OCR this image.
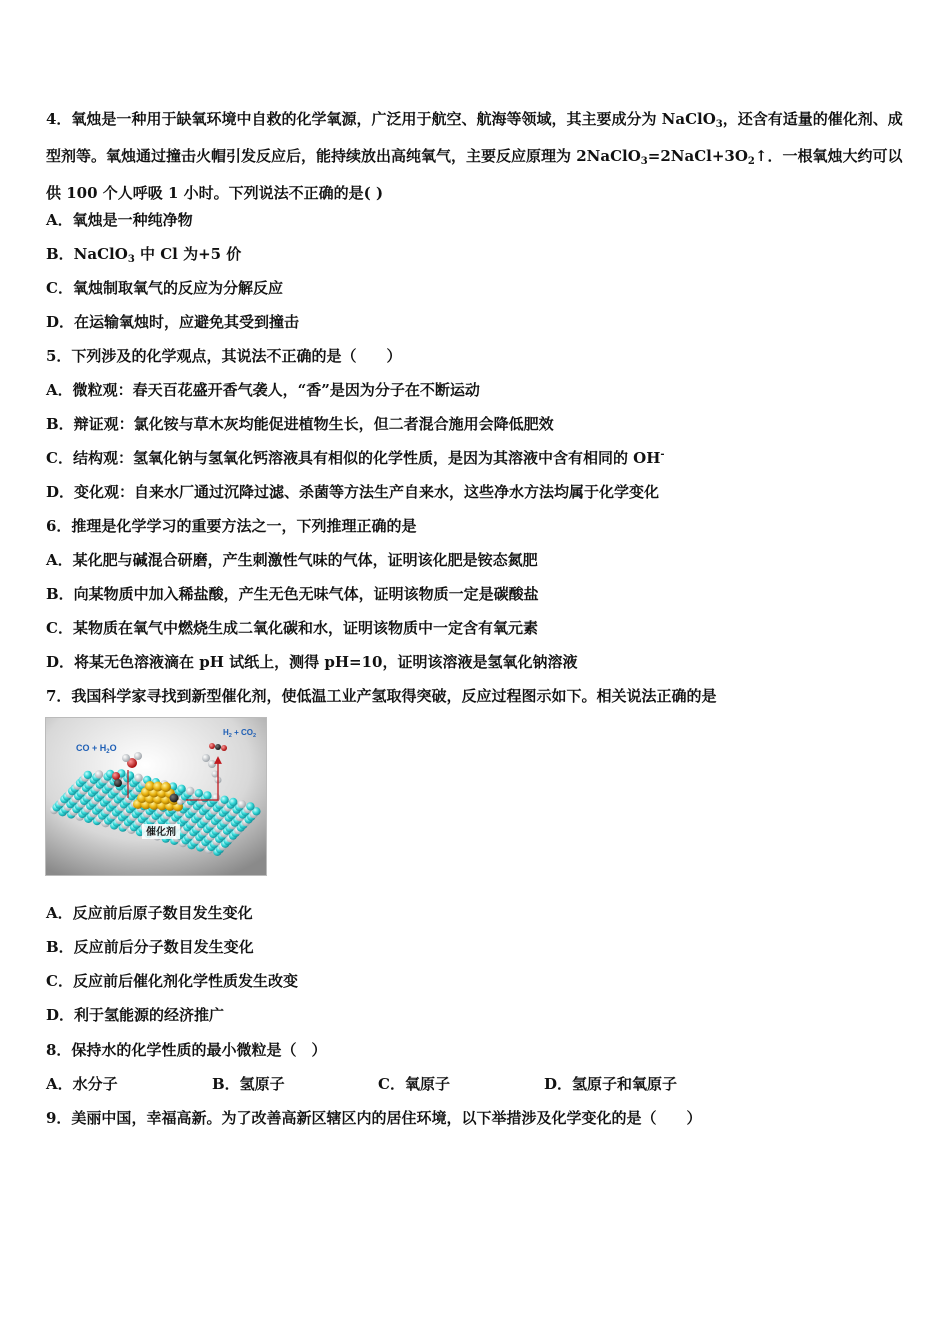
4．氧烛是一种用于缺氧环境中自救的化学氧源，广泛用于航空、航海等领域，其主要成分为 NaClO$_3$，还含有适量的催化剂、成型剂等。氧烛通过撞击火帽引发反应后，能持续放出高纯氧气，主要反应原理为 $2NaClO_3=2NaCl+3O_2↑$．一根氧烛大约可以供 100 个人呼吸 1 小时。下列说法不正确的是( )
A．氧烛是一种纯净物
B．NaClO$_3$ 中 Cl 为+5 价
C．氧烛制取氧气的反应为分解反应
D．在运输氧烛时，应避免其受到撞击
5．下列涉及的化学观点，其说法不正确的是（　　）
A．微粒观：春天百花盛开香气袭人，“香”是因为分子在不断运动
B．辩证观：氯化铵与草木灰均能促进植物生长，但二者混合施用会降低肥效
C．结构观：氢氧化钠与氢氧化钙溶液具有相似的化学性质，是因为其溶液中含有相同的 OH-
D．变化观：自来水厂通过沉降过滤、杀菌等方法生产自来水，这些净水方法均属于化学变化
6．推理是化学学习的重要方法之一，下列推理正确的是
A．某化肥与碱混合研磨，产生刺激性气味的气体，证明该化肥是铵态氮肥
B．向某物质中加入稀盐酸，产生无色无味气体，证明该物质一定是碳酸盐
C．某物质在氧气中燃烧生成二氧化碳和水，证明该物质中一定含有氧元素
D．将某无色溶液滴在 pH 试纸上，测得 pH=10，证明该溶液是氢氧化钠溶液
7．我国科学家寻找到新型催化剂，使低温工业产氢取得突破，反应过程图示如下。相关说法正确的是
CO + $H_2O$
$H_2 + CO_2$
催化剂
A．反应前后原子数目发生变化
B．反应前后分子数目发生变化
C．反应前后催化剂化学性质发生改变
D．利于氢能源的经济推广
8．保持水的化学性质的最小微粒是（　）
A．水分子	B．氢原子	C．氧原子	D．氢原子和氧原子
9．美丽中国，幸福高新。为了改善高新区辖区内的居住环境，以下举措涉及化学变化的是（　　）
